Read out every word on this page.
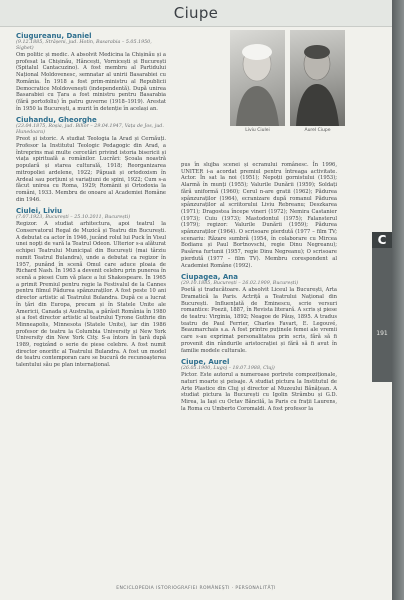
Ciupe
Ciugureanu, Daniel
(9.12.1885, Strășeni, jud. Hotin, Basarabia – 5.05.1950, Sighet)
Om politic și medic. A absolvit Medicina la Chișinău și a profesat la Chișinău, Hâncești, Vornicești și București (Spitalul Cantacuzino). A fost membru al Partidului Național Moldovenesc, semnatar al unirii Basarabiei cu România. În 1918 a fost prim-ministru al Republicii Democratice Moldovenești (independentă). După unirea Basarabiei cu Țara a fost ministru pentru Basarabia (fără portofoliu) în patru guverne (1918–1919). Arestat în 1950 la București, a murit în detenție în același an.
Ciuhandu, Gheorghe
(23.04.1875, Roșia, jud. Bihor – 29.04.1947, Vața de Jos, jud. Hunedoara)
Preot și istoric. A studiat Teologia la Arad și Cernăuți. Profesor la Institutul Teologic Pedagogic din Arad, a întreprins mai multe cercetări privind istoria bisericii și viața spirituală a românilor. Lucrări: Școala noastră populară și starea culturală, 1918; Reorganizarea mitropoliei ardelene, 1922; Păpuaii și ortodoxism în Ardeal sau porțiuni și variațiuni de spini, 1922; Cum s-a făcut unirea cu Roma, 1929; Românii și Ortodoxia la români, 1933. Membru de onoare al Academiei Române din 1946.
Ciulei, Liviu
(7.07.1923, București – 25.10.2011, București)
Regizor. A studiat arhitectura, apoi teatrul la Conservatorul Regal de Muzică și Teatru din București. A debutat ca actor în 1946, jucând rolul lui Puck în Visul unei nopți de vară la Teatrul Odeon. Ulterior s-a alăturat echipei Teatrului Municipal din București (mai târziu numit Teatrul Bulandra), unde a debutat ca regizor în 1957, punând în scenă Omul care aduce ploaia de Richard Nash. În 1963 a devenit celebru prin punerea în scenă a piesei Cum vă place a lui Shakespeare. În 1965 a primit Premiul pentru regie la Festivalul de la Cannes pentru filmul Pădurea spânzuraților. A fost peste 10 ani director artistic al Teatrului Bulandra. După ce a lucrat în țări din Europa, precum și în Statele Unite ale Americii, Canada și Australia, a părăsit România în 1980 și a fost director artistic al teatrului Tyrone Guthrie din Minneapolis, Minnesota (Statele Unite), iar din 1986 profesor de teatru la Columbia University și New York University din New York City. S-a întors în țară după 1989, regizând o serie de piese celebre. A fost numit director onorific al Teatrului Bulandra. A fost un model de teatru contemporan care se bucură de recunoașterea talentului său pe plan internațional.
pus în slujba scenei și ecranului românesc. În 1996, UNITER i-a acordat premiul pentru întreaga activitate. Actor. În sat la noi (1951); Nepoții gornistului (1953); Alarmă în munți (1955); Valurile Dunării (1959); Soldați fără uniformă (1960); Cerul n-are gratii (1962); Pădurea spânzuraților (1964), ecranizare după romanul Pădurea spânzuraților al scriitorului Liviu Rebreanu; Deszkarea (1971); Dragostea începe vineri (1972); Nemira Castanier (1973); Cuiu (1973); Mastodontul (1975); Falansterul (1979); regizor: Valurile Dunării (1959); Pădurea spânzuraților (1964). O scrisoare pierdută (1977 – film TV; scenariu: Răzare sumbră (1954, în colaborare cu Mircea Bodianu și Paul Bortnovschi, regie Dinu Negreanu); Pasărea furtunii (1957, regie Dinu Negreanu); O scrisoare pierdută (1977 – film TV). Membru corespondent al Academiei Române (1992).
Ciupagea, Ana
(29.10.1885, București – 26.02.1909, București)
Poetă și traducătoare. A absolvit Liceul la București, Arta Dramatică la Paris. Actriță a Teatrului Național din București. Influențată de Eminescu, scrie versuri romantice: Poezii, 1887, în Revista literară. A scris și piese de teatru: Virginia, 1892; Neagoe de Păuș, 1895. A tradus teatru de Paul Ferrier, Charles Favart, E. Legouvé, Beaumarchais s.a. A fost printre puținele femei ale vremii care s-au exprimat personalitatea prin scris, fără să fi provenit din rândurile aristocrației și fără să fi avut în familie modele culturale.
Ciupe, Aurel
(26.05.1900, Lugoj – 18.07.1988, Cluj)
Pictor. Este autorul a numeroase portrete compoziționale, naturi moarte și peisaje. A studiat pictura la Institutul de Arte Plastice din Cluj și director al Muzeului Bănățean. A studiat pictura la București cu Igolin Strâmbu și G.D. Mirea, la Iași cu Octav Băncilă, la Paris cu frații Laurens, la Roma cu Umberto Coromaldi. A fost profesor la
Liviu Ciulei	Aurel Ciupe
C
191
ENCICLOPEDIA ISTORIOGRAFIEI ROMÂNEȘTI · PERSONALITĂȚI
